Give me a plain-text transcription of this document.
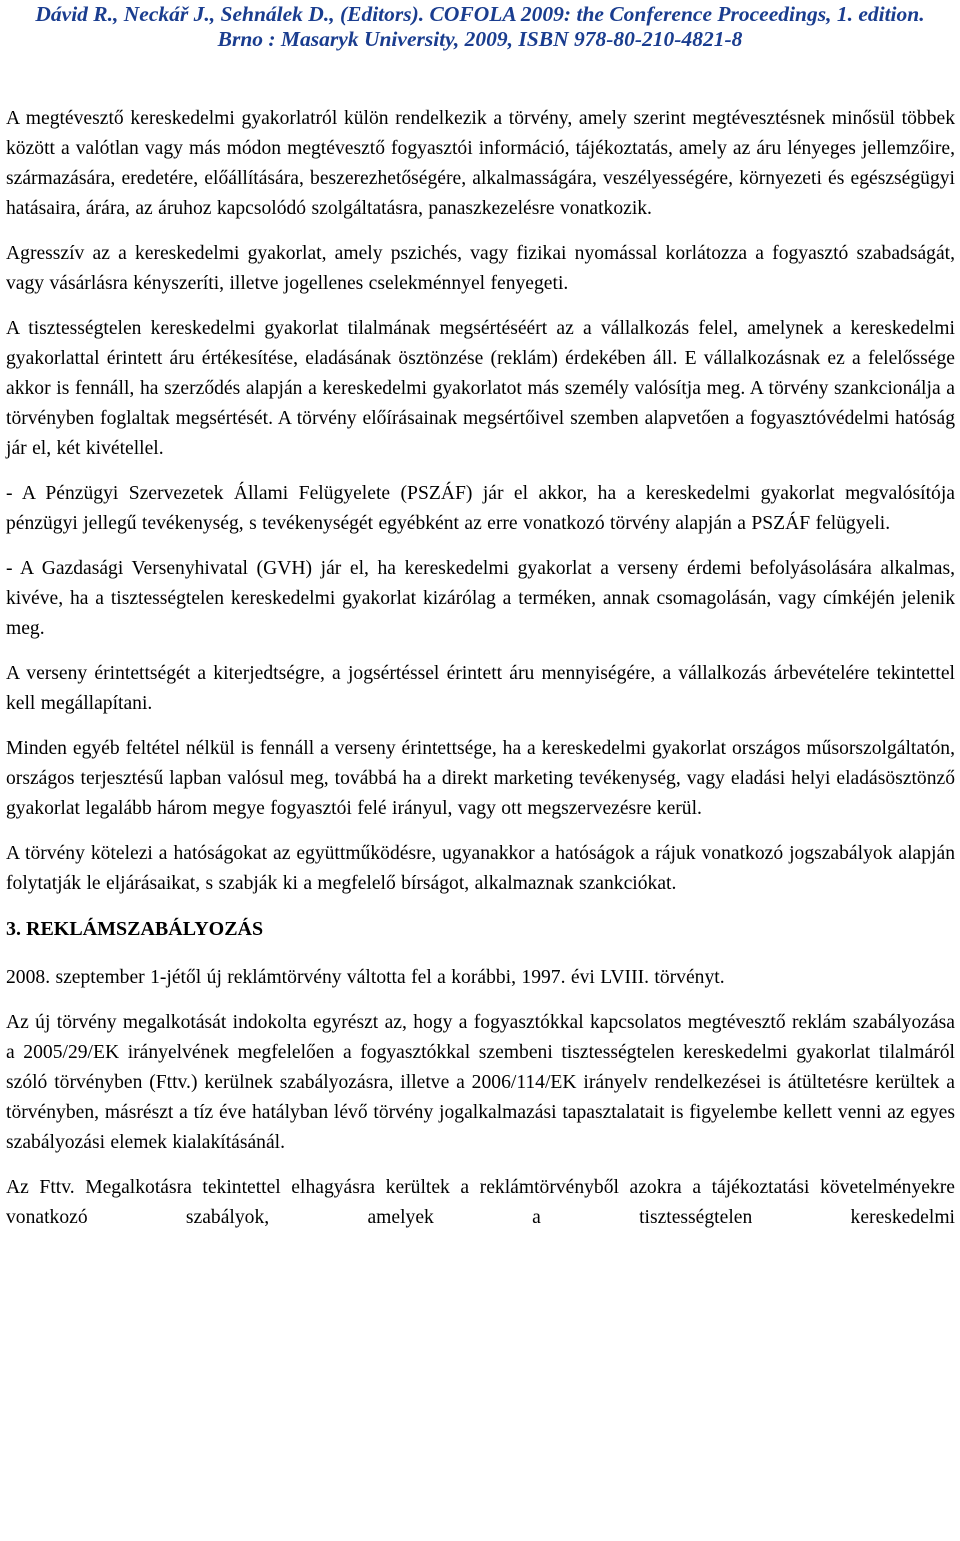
Dávid R., Neckář J., Sehnálek D., (Editors). COFOLA 2009: the Conference Proceedings, 1. edition.
Brno : Masaryk University, 2009, ISBN 978-80-210-4821-8

A megtévesztő kereskedelmi gyakorlatról külön rendelkezik a törvény, amely szerint megtévesztésnek minősül többek között a valótlan vagy más módon megtévesztő fogyasztói információ, tájékoztatás, amely az áru lényeges jellemzőire, származására, eredetére, előállítására, beszerezhetőségére, alkalmasságára, veszélyességére, környezeti és egészségügyi hatásaira, árára, az áruhoz kapcsolódó szolgáltatásra, panaszkezelésre vonatkozik.

Agresszív az a kereskedelmi gyakorlat, amely pszichés, vagy fizikai nyomással korlátozza a fogyasztó szabadságát, vagy vásárlásra kényszeríti, illetve jogellenes cselekménnyel fenyegeti.

A tisztességtelen kereskedelmi gyakorlat tilalmának megsértéséért az a vállalkozás felel, amelynek a kereskedelmi gyakorlattal érintett áru értékesítése, eladásának ösztönzése (reklám) érdekében áll. E vállalkozásnak ez a felelőssége akkor is fennáll, ha szerződés alapján a kereskedelmi gyakorlatot más személy valósítja meg. A törvény szankcionálja a törvényben foglaltak megsértését. A törvény előírásainak megsértőivel szemben alapvetően a fogyasztóvédelmi hatóság jár el, két kivétellel.

- A Pénzügyi Szervezetek Állami Felügyelete (PSZÁF) jár el akkor, ha a kereskedelmi gyakorlat megvalósítója pénzügyi jellegű tevékenység, s tevékenységét egyébként az erre vonatkozó törvény alapján a PSZÁF felügyeli.

- A Gazdasági Versenyhivatal (GVH) jár el, ha kereskedelmi gyakorlat a verseny érdemi befolyásolására alkalmas, kivéve, ha a tisztességtelen kereskedelmi gyakorlat kizárólag a terméken, annak csomagolásán, vagy címkéjén jelenik meg.

A verseny érintettségét a kiterjedtségre, a jogsértéssel érintett áru mennyiségére, a vállalkozás árbevételére tekintettel kell megállapítani.

Minden egyéb feltétel nélkül is fennáll a verseny érintettsége, ha a kereskedelmi gyakorlat országos műsorszolgáltatón, országos terjesztésű lapban valósul meg, továbbá ha a direkt marketing tevékenység, vagy eladási helyi eladásösztönző gyakorlat legalább három megye fogyasztói felé irányul, vagy ott megszervezésre kerül.

A törvény kötelezi a hatóságokat az együttműködésre, ugyanakkor a hatóságok a rájuk vonatkozó jogszabályok alapján folytatják le eljárásaikat, s szabják ki a megfelelő bírságot, alkalmaznak szankciókat.

3. REKLÁMSZABÁLYOZÁS

2008. szeptember 1-jétől új reklámtörvény váltotta fel a korábbi, 1997. évi LVIII. törvényt.

Az új törvény megalkotását indokolta egyrészt az, hogy a fogyasztókkal kapcsolatos megtévesztő reklám szabályozása a 2005/29/EK irányelvének megfelelően a fogyasztókkal szembeni tisztességtelen kereskedelmi gyakorlat tilalmáról szóló törvényben (Fttv.) kerülnek szabályozásra, illetve a 2006/114/EK irányelv rendelkezései is átültetésre kerültek a törvényben, másrészt a tíz éve hatályban lévő törvény jogalkalmazási tapasztalatait is figyelembe kellett venni az egyes szabályozási elemek kialakításánál.

Az Fttv. Megalkotásra tekintettel elhagyásra kerültek a reklámtörvényből azokra a tájékoztatási követelményekre vonatkozó szabályok, amelyek a tisztességtelen kereskedelmi
